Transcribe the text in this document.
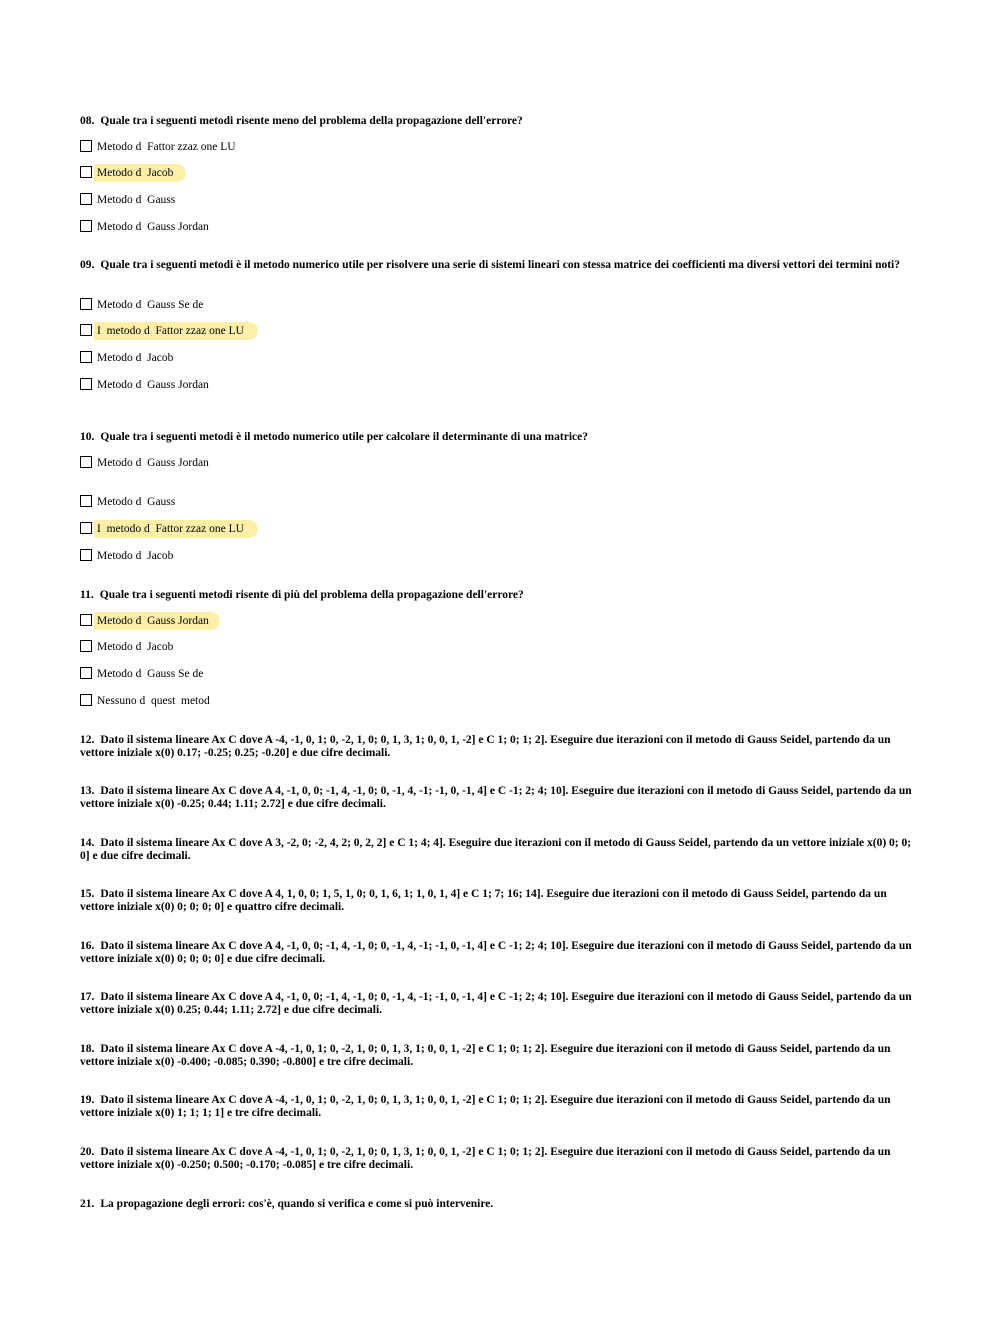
08. Quale tra i seguenti metodi risente meno del problema della propagazione dell'errore?
Metodo d  Fattor zzaz one LU
Metodo d  Jacob
Metodo d  Gauss
Metodo d  Gauss Jordan
09. Quale tra i seguenti metodi è il metodo numerico utile per risolvere una serie di sistemi lineari con stessa matrice dei coefficienti ma diversi vettori dei termini noti?
Metodo d  Gauss Se de
I  metodo d  Fattor zzaz one LU
Metodo d  Jacob
Metodo d  Gauss Jordan
10. Quale tra i seguenti metodi è il metodo numerico utile per calcolare il determinante di una matrice?
Metodo d  Gauss Jordan
Metodo d  Gauss
I  metodo d  Fattor zzaz one LU
Metodo d  Jacob
11. Quale tra i seguenti metodi risente di più del problema della propagazione dell'errore?
Metodo d  Gauss Jordan
Metodo d  Jacob
Metodo d  Gauss Se de
Nessuno d  quest  metod
12. Dato il sistema lineare Ax C dove A -4, -1, 0, 1; 0, -2, 1, 0; 0, 1, 3, 1; 0, 0, 1, -2] e C 1; 0; 1; 2]. Eseguire due iterazioni con il metodo di Gauss Seidel, partendo da un vettore iniziale x(0) 0.17; -0.25; 0.25; -0.20] e due cifre decimali.
13. Dato il sistema lineare Ax C dove A 4, -1, 0, 0; -1, 4, -1, 0; 0, -1, 4, -1; -1, 0, -1, 4] e C -1; 2; 4; 10]. Eseguire due iterazioni con il metodo di Gauss Seidel, partendo da un vettore iniziale x(0) -0.25; 0.44; 1.11; 2.72] e due cifre decimali.
14. Dato il sistema lineare Ax C dove A 3, -2, 0; -2, 4, 2; 0, 2, 2] e C 1; 4; 4]. Eseguire due iterazioni con il metodo di Gauss Seidel, partendo da un vettore iniziale x(0) 0; 0; 0] e due cifre decimali.
15. Dato il sistema lineare Ax C dove A 4, 1, 0, 0; 1, 5, 1, 0; 0, 1, 6, 1; 1, 0, 1, 4] e C 1; 7; 16; 14]. Eseguire due iterazioni con il metodo di Gauss Seidel, partendo da un vettore iniziale x(0) 0; 0; 0; 0] e quattro cifre decimali.
16. Dato il sistema lineare Ax C dove A 4, -1, 0, 0; -1, 4, -1, 0; 0, -1, 4, -1; -1, 0, -1, 4] e C -1; 2; 4; 10]. Eseguire due iterazioni con il metodo di Gauss Seidel, partendo da un vettore iniziale x(0) 0; 0; 0; 0] e due cifre decimali.
17. Dato il sistema lineare Ax C dove A 4, -1, 0, 0; -1, 4, -1, 0; 0, -1, 4, -1; -1, 0, -1, 4] e C -1; 2; 4; 10]. Eseguire due iterazioni con il metodo di Gauss Seidel, partendo da un vettore iniziale x(0) 0.25; 0.44; 1.11; 2.72] e due cifre decimali.
18. Dato il sistema lineare Ax C dove A -4, -1, 0, 1; 0, -2, 1, 0; 0, 1, 3, 1; 0, 0, 1, -2] e C 1; 0; 1; 2]. Eseguire due iterazioni con il metodo di Gauss Seidel, partendo da un vettore iniziale x(0) -0.400; -0.085; 0.390; -0.800] e tre cifre decimali.
19. Dato il sistema lineare Ax C dove A -4, -1, 0, 1; 0, -2, 1, 0; 0, 1, 3, 1; 0, 0, 1, -2] e C 1; 0; 1; 2]. Eseguire due iterazioni con il metodo di Gauss Seidel, partendo da un vettore iniziale x(0) 1; 1; 1; 1] e tre cifre decimali.
20. Dato il sistema lineare Ax C dove A -4, -1, 0, 1; 0, -2, 1, 0; 0, 1, 3, 1; 0, 0, 1, -2] e C 1; 0; 1; 2]. Eseguire due iterazioni con il metodo di Gauss Seidel, partendo da un vettore iniziale x(0) -0.250; 0.500; -0.170; -0.085] e tre cifre decimali.
21. La propagazione degli errori: cos'è, quando si verifica e come si può intervenire.
